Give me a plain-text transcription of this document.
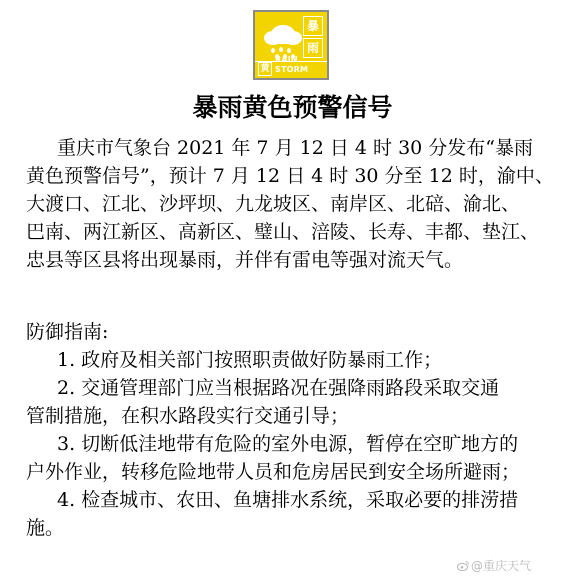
暴
雨
黄
RAIN STORM
暴雨黄色预警信号
重庆市气象台 2021 年 7 月 12 日 4 时 30 分发布“暴雨
黄色预警信号”，预计 7 月 12 日 4 时 30 分至 12 时，渝中、
大渡口、江北、沙坪坝、九龙坡区、南岸区、北碚、渝北、
巴南、两江新区、高新区、璧山、涪陵、长寿、丰都、垫江、
忠县等区县将出现暴雨，并伴有雷电等强对流天气。
防御指南:
1. 政府及相关部门按照职责做好防暴雨工作；
2. 交通管理部门应当根据路况在强降雨路段采取交通
管制措施，在积水路段实行交通引导；
3. 切断低洼地带有危险的室外电源，暂停在空旷地方的
户外作业，转移危险地带人员和危房居民到安全场所避雨；
4. 检查城市、农田、鱼塘排水系统，采取必要的排涝措
施。
@重庆天气
